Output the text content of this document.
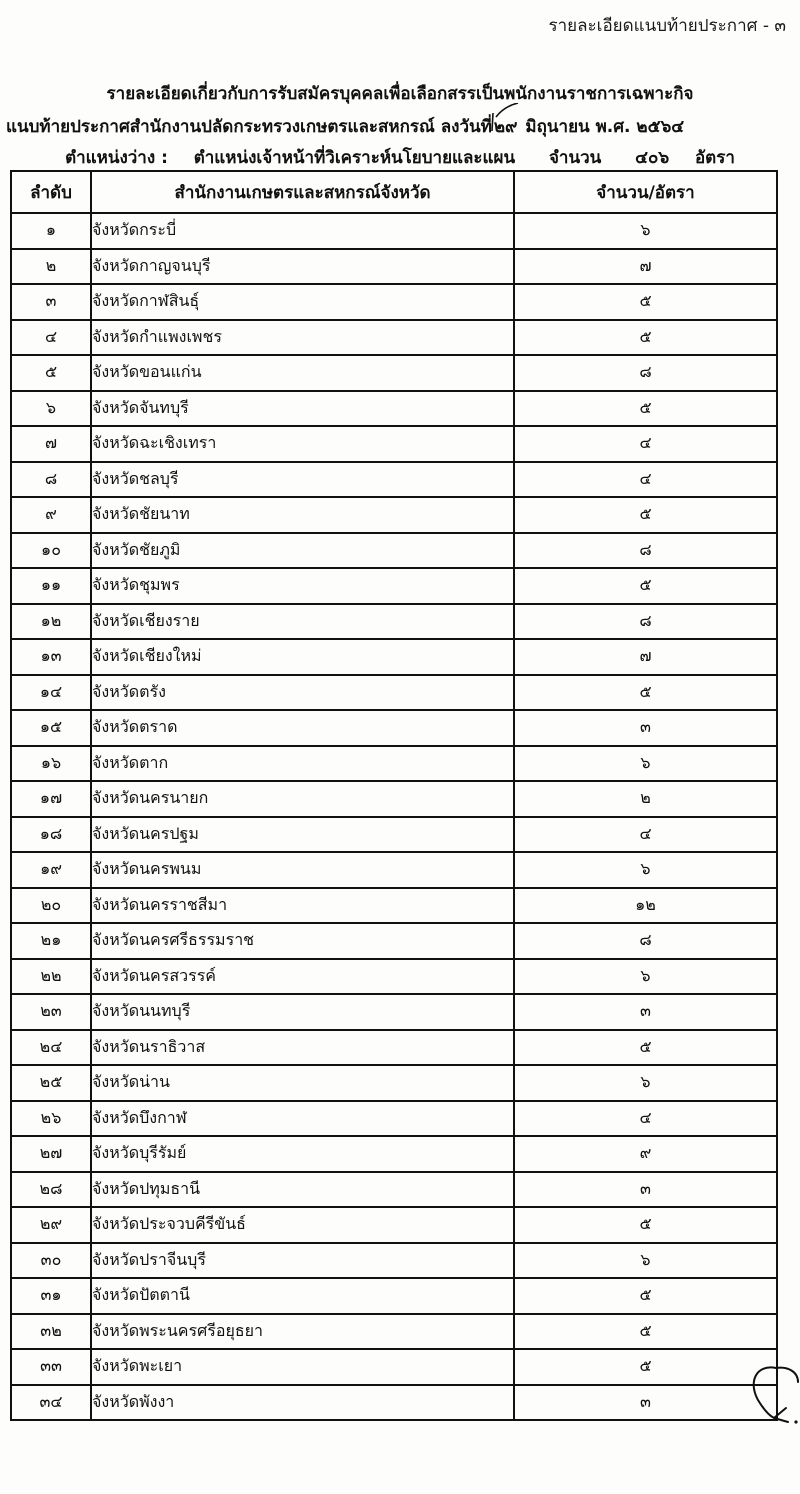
รายละเอียดแนบท้ายประกาศ - ๓
รายละเอียดเกี่ยวกับการรับสมัครบุคคลเพื่อเลือกสรรเป็นพนักงานราชการเฉพาะกิจ
แนบท้ายประกาศสำนักงานปลัดกระทรวงเกษตรและสหกรณ์ ลงวันที่ ๒๙ มิถุนายน พ.ศ. ๒๕๖๔
ตำแหน่งว่าง : ตำแหน่งเจ้าหน้าที่วิเคราะห์นโยบายและแผน จำนวน ๔๐๖ อัตรา
ลำดับ	สำนักงานเกษตรและสหกรณ์จังหวัด	จำนวน/อัตรา
๑	จังหวัดกระบี่	๖
๒	จังหวัดกาญจนบุรี	๗
๓	จังหวัดกาฬสินธุ์	๕
๔	จังหวัดกำแพงเพชร	๕
๕	จังหวัดขอนแก่น	๘
๖	จังหวัดจันทบุรี	๕
๗	จังหวัดฉะเชิงเทรา	๔
๘	จังหวัดชลบุรี	๔
๙	จังหวัดชัยนาท	๕
๑๐	จังหวัดชัยภูมิ	๘
๑๑	จังหวัดชุมพร	๕
๑๒	จังหวัดเชียงราย	๘
๑๓	จังหวัดเชียงใหม่	๗
๑๔	จังหวัดตรัง	๕
๑๕	จังหวัดตราด	๓
๑๖	จังหวัดตาก	๖
๑๗	จังหวัดนครนายก	๒
๑๘	จังหวัดนครปฐม	๔
๑๙	จังหวัดนครพนม	๖
๒๐	จังหวัดนครราชสีมา	๑๒
๒๑	จังหวัดนครศรีธรรมราช	๘
๒๒	จังหวัดนครสวรรค์	๖
๒๓	จังหวัดนนทบุรี	๓
๒๔	จังหวัดนราธิวาส	๕
๒๕	จังหวัดน่าน	๖
๒๖	จังหวัดบึงกาฬ	๔
๒๗	จังหวัดบุรีรัมย์	๙
๒๘	จังหวัดปทุมธานี	๓
๒๙	จังหวัดประจวบคีรีขันธ์	๕
๓๐	จังหวัดปราจีนบุรี	๖
๓๑	จังหวัดปัตตานี	๕
๓๒	จังหวัดพระนครศรีอยุธยา	๕
๓๓	จังหวัดพะเยา	๕
๓๔	จังหวัดพังงา	๓
